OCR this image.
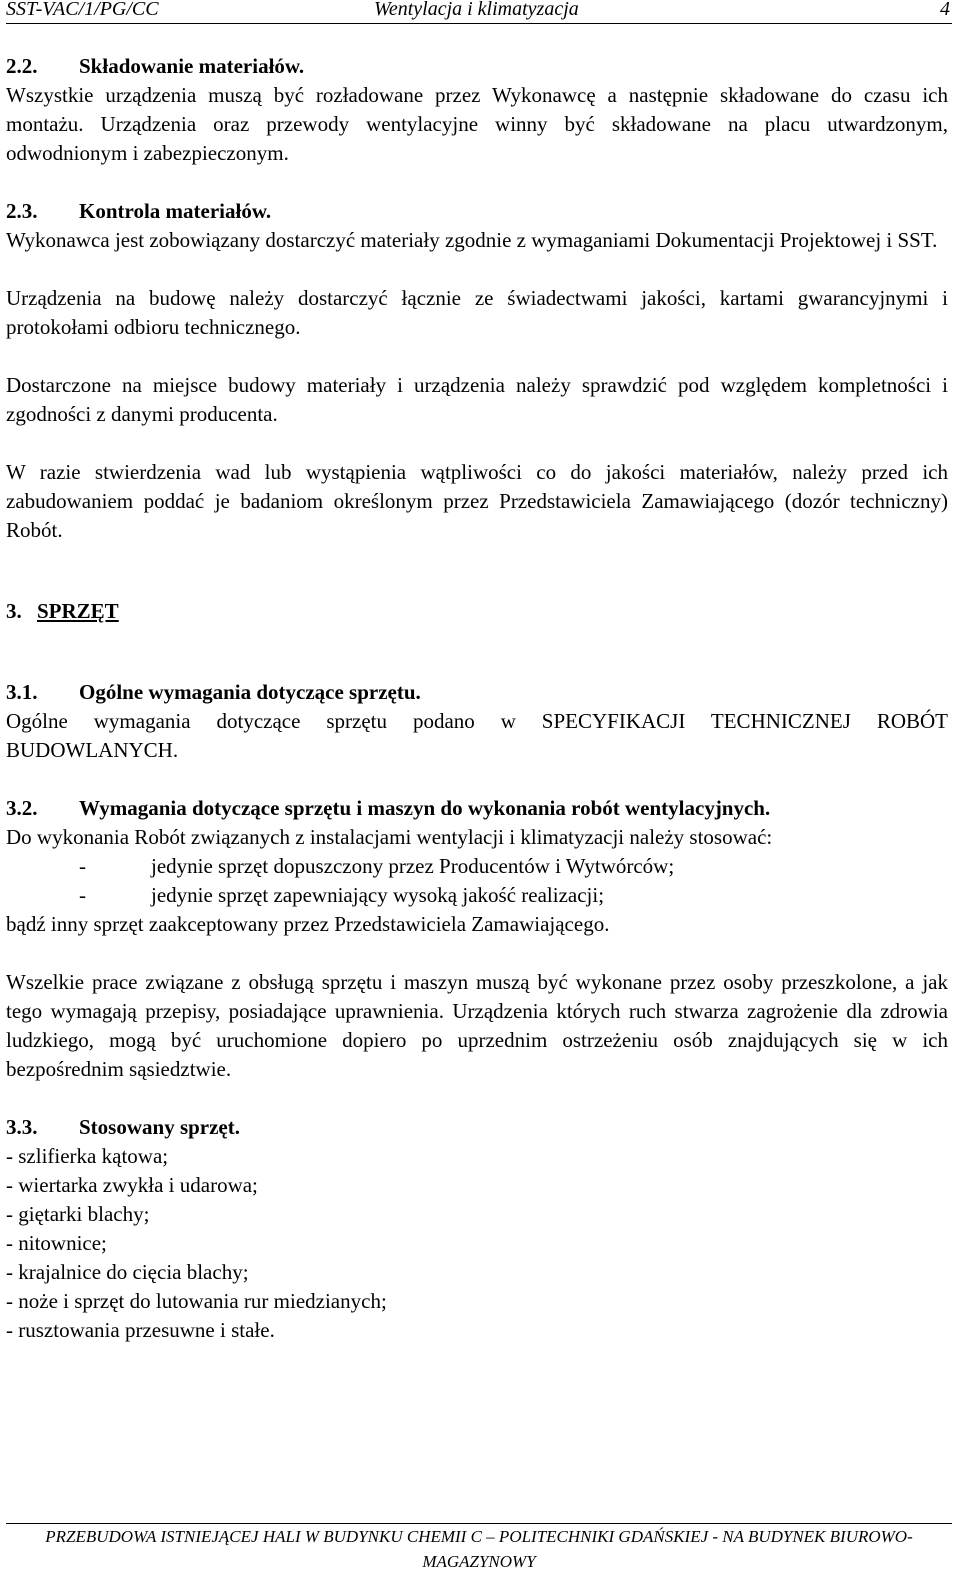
SST-VAC/1/PG/CC	Wentylacja i klimatyzacja	4

2.2. Składowanie materiałów.

Wszystkie urządzenia muszą być rozładowane przez Wykonawcę a następnie składowane do czasu ich montażu. Urządzenia oraz przewody wentylacyjne winny być składowane na placu utwardzonym, odwodnionym i zabezpieczonym.

2.3. Kontrola materiałów.

Wykonawca jest zobowiązany dostarczyć materiały zgodnie z wymaganiami Dokumentacji Projektowej i SST.

Urządzenia na budowę należy dostarczyć łącznie ze świadectwami jakości, kartami gwarancyjnymi i protokołami odbioru technicznego.

Dostarczone na miejsce budowy materiały i urządzenia należy sprawdzić pod względem kompletności i zgodności z danymi producenta.

W razie stwierdzenia wad lub wystąpienia wątpliwości co do jakości materiałów, należy przed ich zabudowaniem poddać je badaniom określonym przez Przedstawiciela Zamawiającego (dozór techniczny) Robót.

3. SPRZĘT

3.1. Ogólne wymagania dotyczące sprzętu.

Ogólne wymagania dotyczące sprzętu podano w SPECYFIKACJI TECHNICZNEJ ROBÓT BUDOWLANYCH.

3.2. Wymagania dotyczące sprzętu i maszyn do wykonania robót wentylacyjnych.

Do wykonania Robót związanych z instalacjami wentylacji i klimatyzacji należy stosować:

-	jedynie sprzęt dopuszczony przez Producentów i Wytwórców;

-	jedynie sprzęt zapewniający wysoką jakość realizacji;

bądź inny sprzęt zaakceptowany przez Przedstawiciela Zamawiającego.

Wszelkie prace związane z obsługą sprzętu i maszyn muszą być wykonane przez osoby przeszkolone, a jak tego wymagają przepisy, posiadające uprawnienia. Urządzenia których ruch stwarza zagrożenie dla zdrowia ludzkiego, mogą być uruchomione dopiero po uprzednim ostrzeżeniu osób znajdujących się w ich bezpośrednim sąsiedztwie.

3.3. Stosowany sprzęt.

- szlifierka kątowa;

- wiertarka zwykła i udarowa;

- giętarki blachy;

- nitownice;

- krajalnice do cięcia blachy;

- noże i sprzęt do lutowania rur miedzianych;

- rusztowania przesuwne i stałe.

PRZEBUDOWA ISTNIEJĄCEJ HALI W BUDYNKU CHEMII C – POLITECHNIKI GDAŃSKIEJ - NA BUDYNEK BIUROWO-MAGAZYNOWY
